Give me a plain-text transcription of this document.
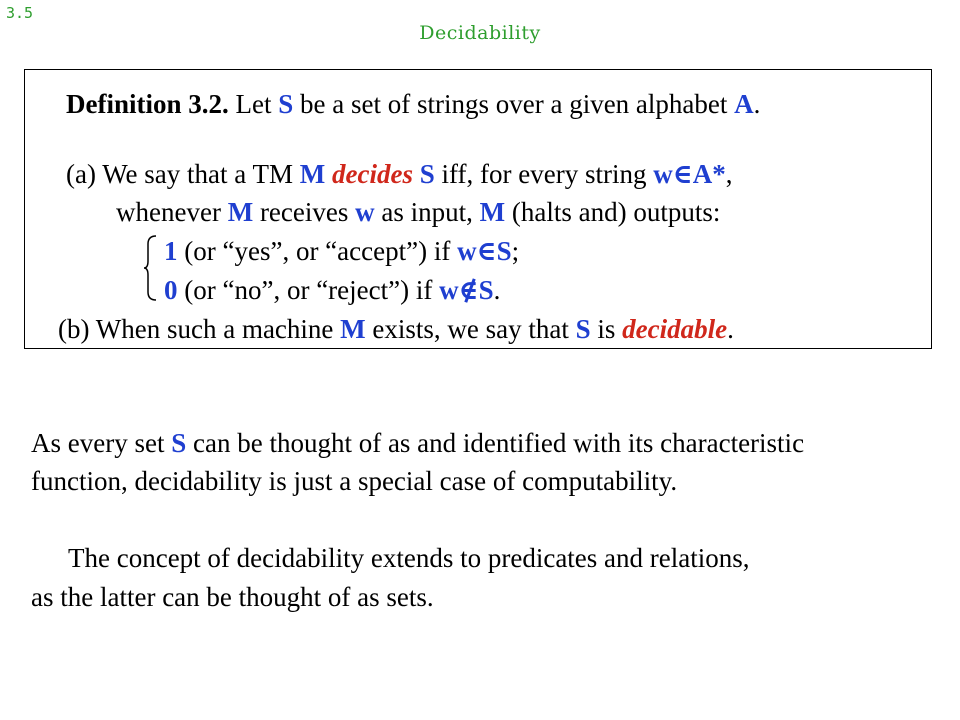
3.5
Decidability
Definition 3.2. Let S be a set of strings over a given alphabet A.
(a) We say that a TM M decides S iff, for every string w∈A*,
whenever M receives w as input, M (halts and) outputs:
1 (or “yes”, or “accept”) if w∈S;
0 (or “no”, or “reject”) if w∉S.
(b) When such a machine M exists, we say that S is decidable.
As every set S can be thought of as and identified with its characteristic
function, decidability is just a special case of computability.
The concept of decidability extends to predicates and relations,
as the latter can be thought of as sets.
